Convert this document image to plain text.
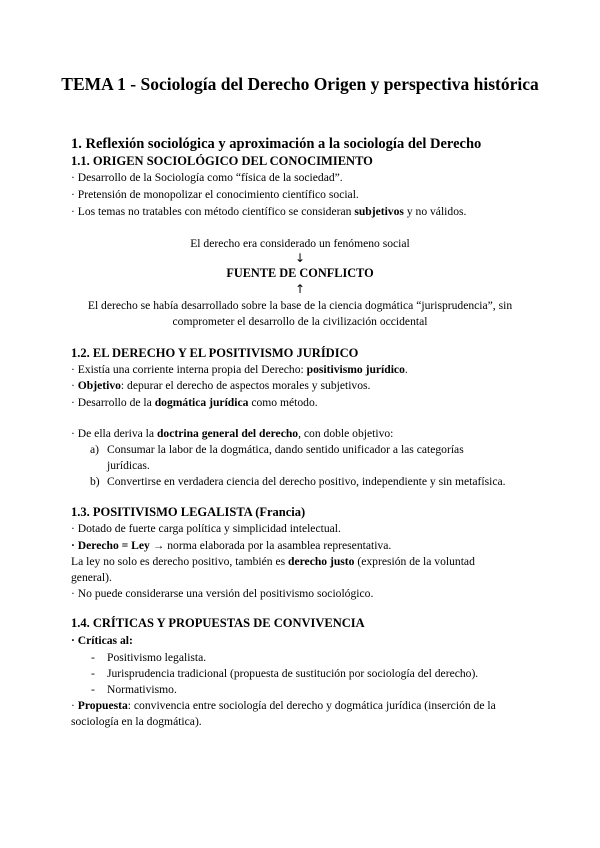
TEMA 1 - Sociología del Derecho Origen y perspectiva histórica
1. Reflexión sociológica y aproximación a la sociología del Derecho
1.1. ORIGEN SOCIOLÓGICO DEL CONOCIMIENTO

· Desarrollo de la Sociología como “física de la sociedad”.

· Pretensión de monopolizar el conocimiento científico social.

· Los temas no tratables con método científico se consideran subjetivos y no válidos.

El derecho era considerado un fenómeno social

↓

FUENTE DE CONFLICTO

↑

El derecho se había desarrollado sobre la base de la ciencia dogmática “jurisprudencia”, sin

comprometer el desarrollo de la civilización occidental

1.2. EL DERECHO Y EL POSITIVISMO JURÍDICO

· Existía una corriente interna propia del Derecho: positivismo jurídico.

· Objetivo: depurar el derecho de aspectos morales y subjetivos.

· Desarrollo de la dogmática jurídica como método.

· De ella deriva la doctrina general del derecho, con doble objetivo:

a) Consumar la labor de la dogmática, dando sentido unificador a las categorías

jurídicas.

b) Convertirse en verdadera ciencia del derecho positivo, independiente y sin metafísica.

1.3. POSITIVISMO LEGALISTA (Francia)

· Dotado de fuerte carga política y simplicidad intelectual.

· Derecho = Ley → norma elaborada por la asamblea representativa.

La ley no solo es derecho positivo, también es derecho justo (expresión de la voluntad

general).

· No puede considerarse una versión del positivismo sociológico.

1.4. CRÍTICAS Y PROPUESTAS DE CONVIVENCIA

· Críticas al:

- Positivismo legalista.

- Jurisprudencia tradicional (propuesta de sustitución por sociología del derecho).

- Normativismo.

· Propuesta: convivencia entre sociología del derecho y dogmática jurídica (inserción de la

sociología en la dogmática).
